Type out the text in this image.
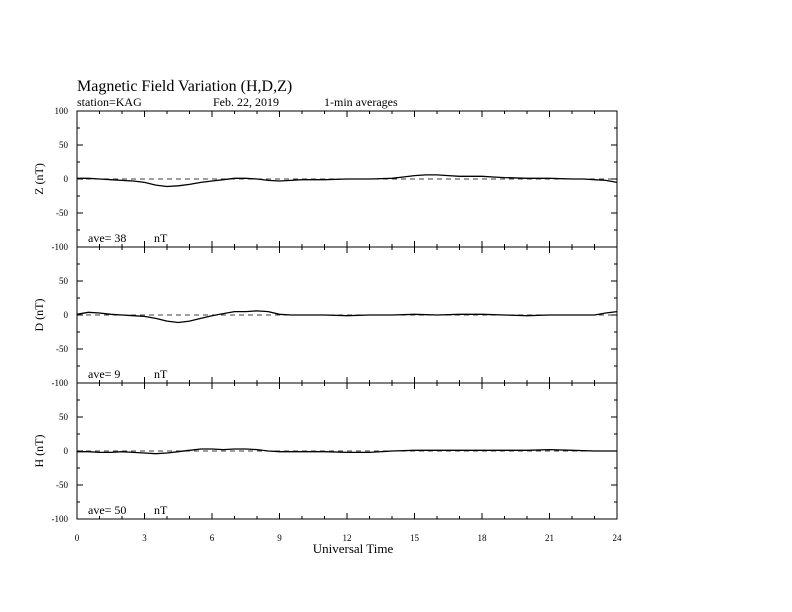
Magnetic Field Variation (H,D,Z)
station=KAG	Feb. 22, 2019	1-min averages
100
50
0
-50
-100
Z (nT)
ave= 38 nT
50
0
-50
-100
D (nT)
ave= 9	nT
50
0
-50
-100
H (nT)
ave= 50 nT
0	3	6	9	12	15	18	21	24
Universal Time
